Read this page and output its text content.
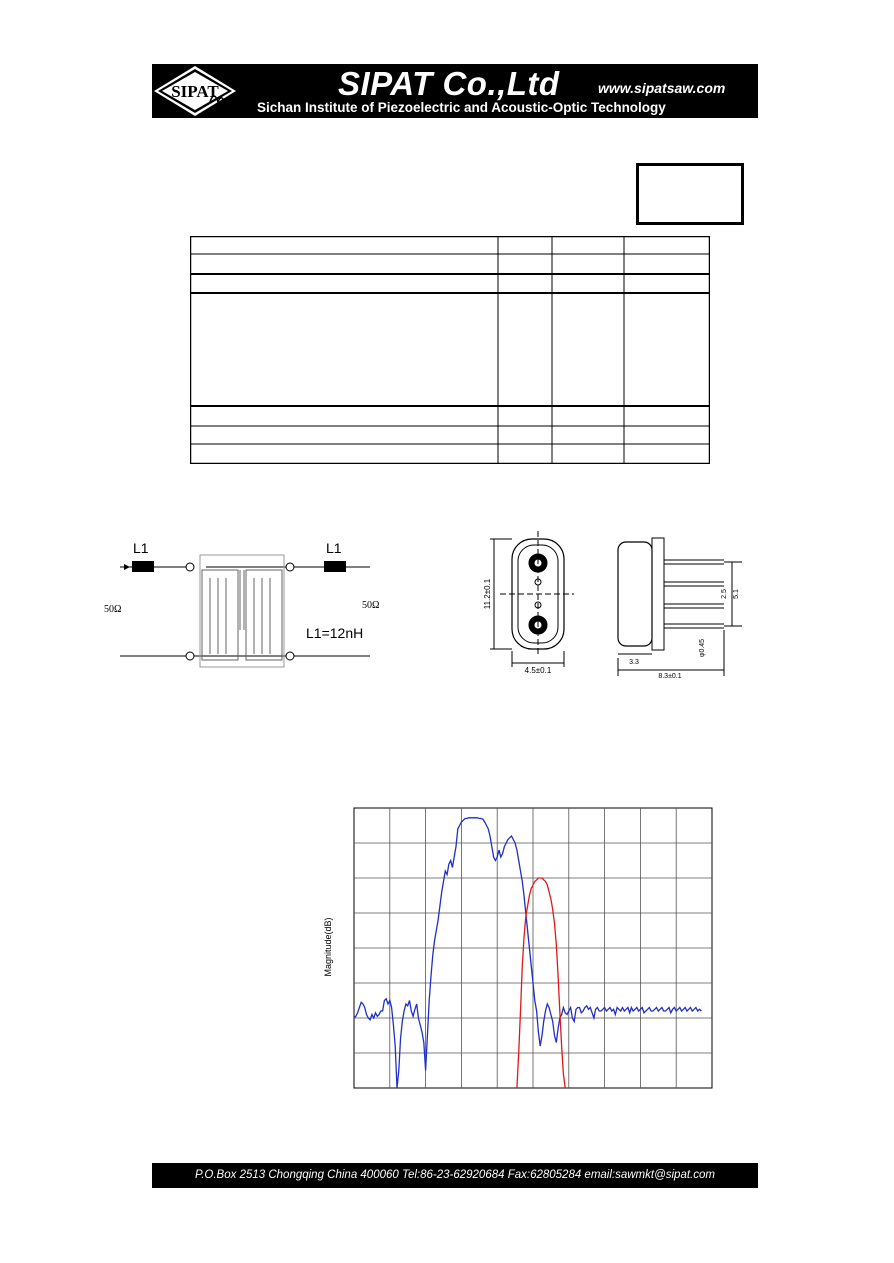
SIPAT	SIPAT Co.,Ltd	www.sipatsaw.com
Sichan Institute of Piezoelectric and Acoustic-Optic Technology
L1	L1
50Ω	50Ω
L1=12nH
11.2±0.1
4.5±0.1
2.5 5.1
φ0.45
3.3
8.3±0.1
Magnitude(dB)
P.O.Box 2513 Chongqing China 400060 Tel:86-23-62920684 Fax:62805284 email:sawmkt@sipat.com
